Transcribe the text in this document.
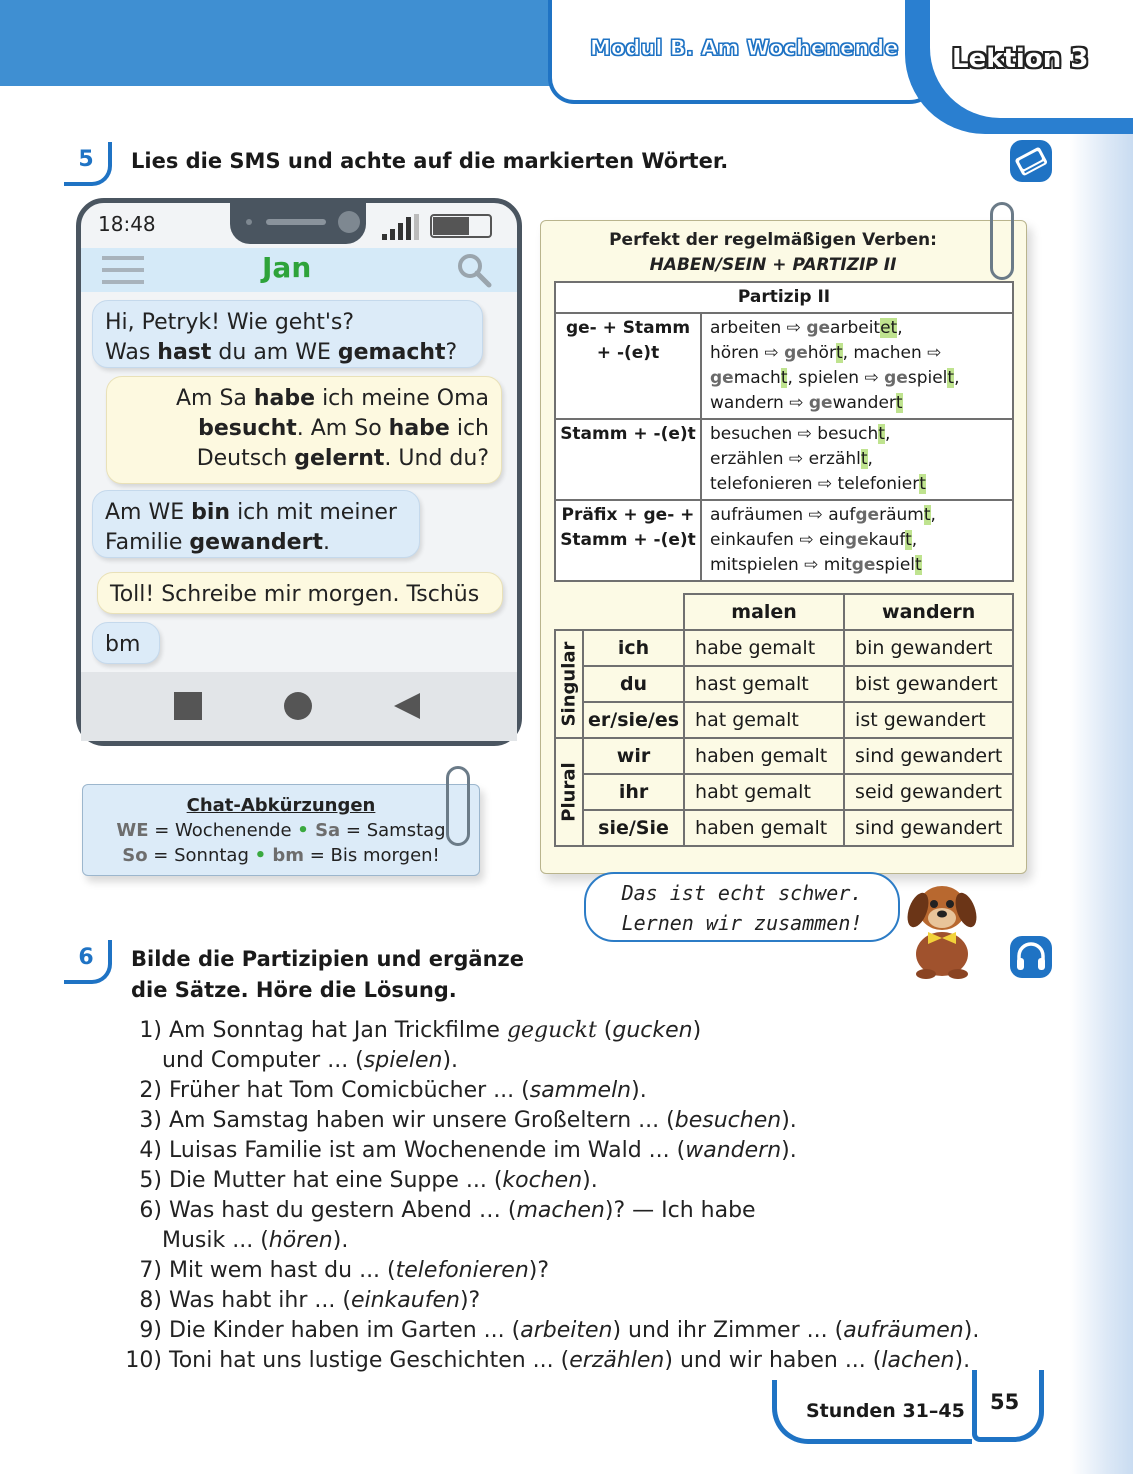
Modul B. Am Wochenende Lektion 3
5	Lies die SMS und achte auf die markierten Wörter.
18:48
Jan
Hi, Petryk! Wie geht's?
Was hast du am WE gemacht?
Am Sa habe ich meine Oma besucht. Am So habe ich Deutsch gelernt. Und du?
Am WE bin ich mit meiner Familie gewandert.
Toll! Schreibe mir morgen. Tschüs
bm
Chat-Abkürzungen
WE = Wochenende • Sa = Samstag
So = Sonntag • bm = Bis morgen!
Perfekt der regelmäßigen Verben:
HABEN/SEIN + PARTIZIP II
Partizip II	
ge- + Stamm
+ -(e)t	arbeiten ⇨ gearbeitet,
hören ⇨ gehört, machen ⇨
gemacht, spielen ⇨ gespielt,
wandern ⇨ gewandert
Stamm + -(e)t	besuchen ⇨ besucht,
erzählen ⇨ erzählt,
telefonieren ⇨ telefoniert
Präfix + ge- +
Stamm + -(e)t	aufräumen ⇨ aufgeräumt,
einkaufen ⇨ eingekauft,
mitspielen ⇨ mitgespielt
		malen	wandern

Singular	ich	habe gemalt	bin gewandert
	du	hast gemalt	bist gewandert
	er/sie/es	hat gemalt	ist gewandert

Plural	wir	haben gemalt	sind gewandert
	ihr	habt gemalt	seid gewandert
	sie/Sie	haben gemalt	sind gewandert
Das ist echt schwer.
Lernen wir zusammen!
6	Bilde die Partizipien und ergänze
die Sätze. Höre die Lösung.
1) Am Sonntag hat Jan Trickfilme geguckt (gucken)
und Computer ... (spielen).
2) Früher hat Tom Comicbücher ... (sammeln).
3) Am Samstag haben wir unsere Großeltern ... (besuchen).
4) Luisas Familie ist am Wochenende im Wald ... (wandern).
5) Die Mutter hat eine Suppe ... (kochen).
6) Was hast du gestern Abend … (machen)? — Ich habe
Musik ... (hören).
7) Mit wem hast du ... (telefonieren)?
8) Was habt ihr ... (einkaufen)?
9) Die Kinder haben im Garten ... (arbeiten) und ihr Zimmer ... (aufräumen).
10) Toni hat uns lustige Geschichten ... (erzählen) und wir haben ... (lachen).
Stunden 31–45 55
